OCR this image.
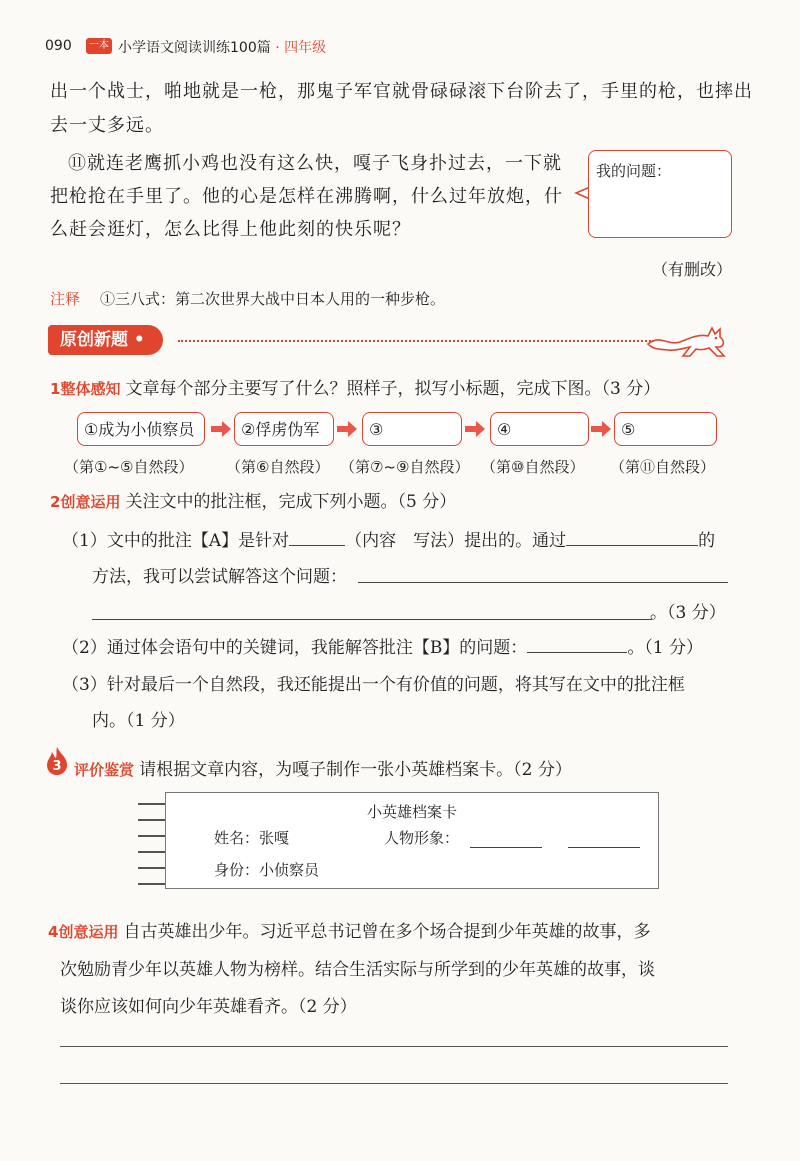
090	一本 小学语文阅读训练100篇 · 四年级
出一个战士，啪地就是一枪，那鬼子军官就骨碌碌滚下台阶去了，手里的枪，也摔出
去一丈多远。
⑪就连老鹰抓小鸡也没有这么快，嘎子飞身扑过去，一下就
把枪抢在手里了。他的心是怎样在沸腾啊，什么过年放炮，什
么赶会逛灯，怎么比得上他此刻的快乐呢？
我的问题：
（有删改）
注释 ①三八式：第二次世界大战中日本人用的一种步枪。
原创新题 •
1整体感知 文章每个部分主要写了什么？照样子，拟写小标题，完成下图。（3 分）
①成为小侦察员	②俘虏伪军	③	④	⑤
（第①~⑤自然段） （第⑥自然段） （第⑦~⑨自然段） （第⑩自然段） （第⑪自然段）
2创意运用 关注文中的批注框，完成下列小题。（5 分）
（1）文中的批注【A】是针对	（内容　写法）提出的。通过	的
方法，我可以尝试解答这个问题：
。（3 分）
（2）通过体会语句中的关键词，我能解答批注【B】的问题：	。（1 分）
（3）针对最后一个自然段，我还能提出一个有价值的问题，将其写在文中的批注框
内。（1 分）
3 评价鉴赏 请根据文章内容，为嘎子制作一张小英雄档案卡。（2 分）
小英雄档案卡
姓名：张嘎	人物形象：
身份：小侦察员
4创意运用 自古英雄出少年。习近平总书记曾在多个场合提到少年英雄的故事，多
次勉励青少年以英雄人物为榜样。结合生活实际与所学到的少年英雄的故事，谈
谈你应该如何向少年英雄看齐。（2 分）
